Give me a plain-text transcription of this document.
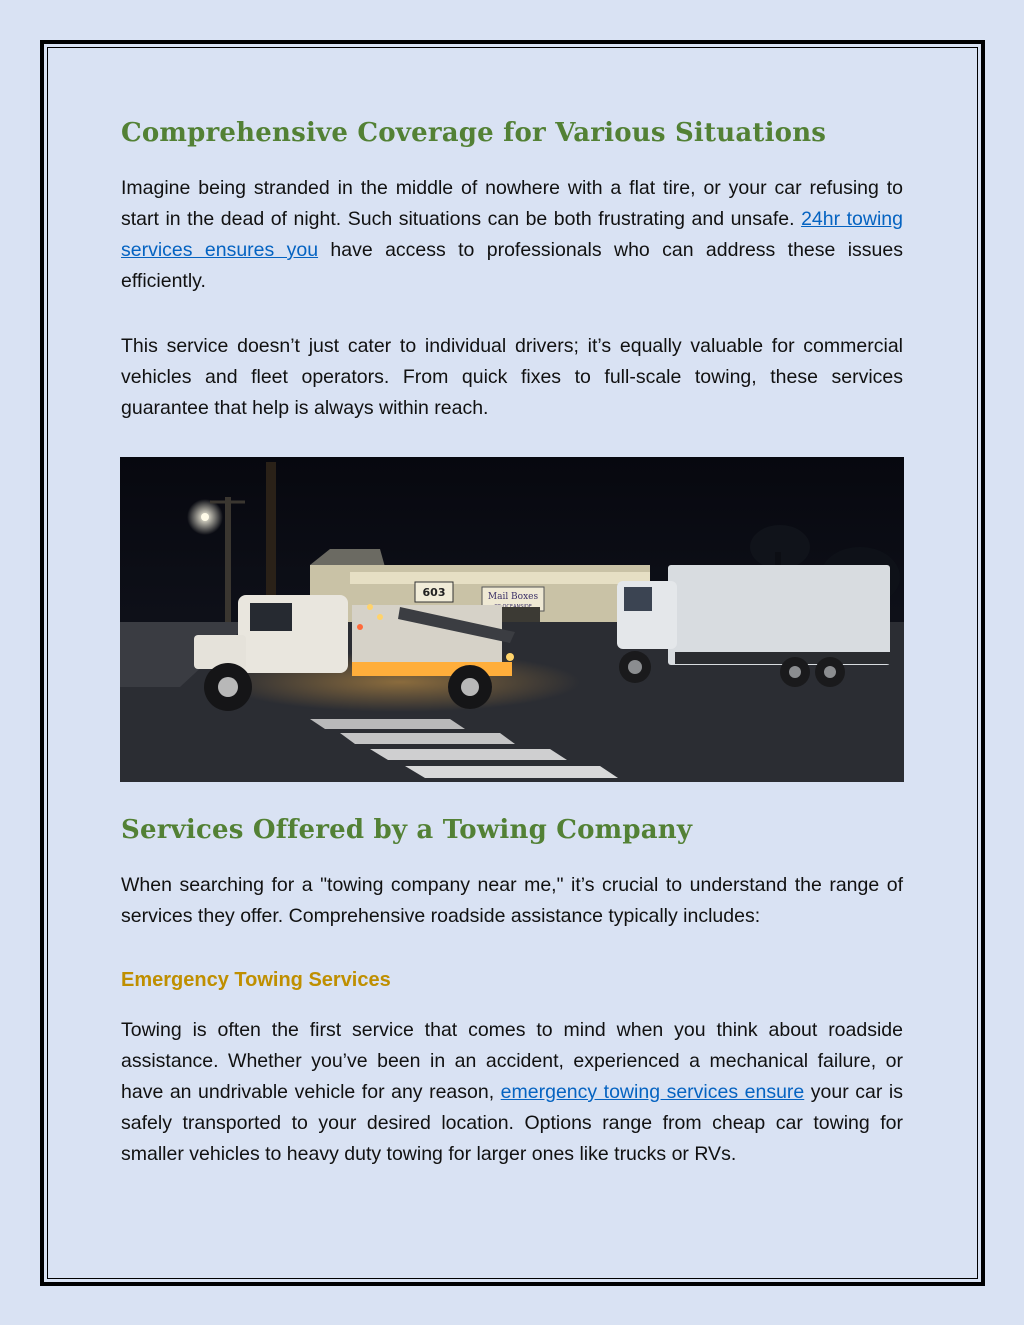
Comprehensive Coverage for Various Situations

Imagine being stranded in the middle of nowhere with a flat tire, or your car refusing to start in the dead of night. Such situations can be both frustrating and unsafe. 24hr towing services ensures you have access to professionals who can address these issues efficiently.

This service doesn’t just cater to individual drivers; it’s equally valuable for commercial vehicles and fleet operators. From quick fixes to full-scale towing, these services guarantee that help is always within reach.

603	Mail Boxes
Services Offered by a Towing Company

When searching for a "towing company near me," it’s crucial to understand the range of services they offer. Comprehensive roadside assistance typically includes:

Emergency Towing Services

Towing is often the first service that comes to mind when you think about roadside assistance. Whether you’ve been in an accident, experienced a mechanical failure, or have an undrivable vehicle for any reason, emergency towing services ensure your car is safely transported to your desired location. Options range from cheap car towing for smaller vehicles to heavy duty towing for larger ones like trucks or RVs.
